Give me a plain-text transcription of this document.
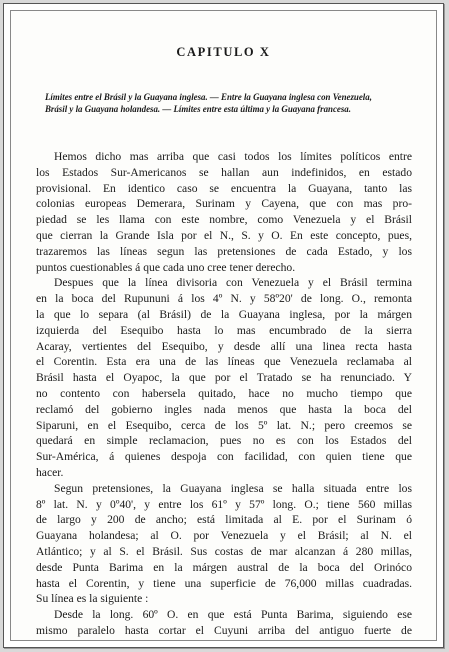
CAPITULO X
Límites entre el Brásil y la Guayana inglesa. — Entre la Guayana inglesa con Venezuela,
Brásil y la Guayana holandesa. — Límites entre esta última y la Guayana francesa.
Hemos dicho mas arriba que casi todos los límites políticos entre
los Estados Sur-Americanos se hallan aun indefinidos, en estado
provisional. En identico caso se encuentra la Guayana, tanto las
colonias europeas Demerara, Surinam y Cayena, que con mas pro-
piedad se les llama con este nombre, como Venezuela y el Brásil
que cierran la Grande Isla por el N., S. y O. En este concepto, pues,
trazaremos las líneas segun las pretensiones de cada Estado, y los
puntos cuestionables á que cada uno cree tener derecho.
Despues que la línea divisoria con Venezuela y el Brásil termina
en la boca del Rupununi á los 4º N. y 58º20' de long. O., remonta
la que lo separa (al Brásil) de la Guayana inglesa, por la márgen
izquierda del Esequibo hasta lo mas encumbrado de la sierra
Acaray, vertientes del Esequibo, y desde allí una linea recta hasta
el Corentin. Esta era una de las líneas que Venezuela reclamaba al
Brásil hasta el Oyapoc, la que por el Tratado se ha renunciado. Y
no contento con habersela quitado, hace no mucho tiempo que
reclamó del gobierno ingles nada menos que hasta la boca del
Siparuni, en el Esequibo, cerca de los 5º lat. N.; pero creemos se
quedará en simple reclamacion, pues no es con los Estados del
Sur-América, á quienes despoja con facilidad, con quien tiene que
hacer.
Segun pretensiones, la Guayana inglesa se halla situada entre los
8º lat. N. y 0º40', y entre los 61º y 57º long. O.; tiene 560 millas
de largo y 200 de ancho; está limitada al E. por el Surinam ó
Guayana holandesa; al O. por Venezuela y el Brásil; al N. el
Atlántico; y al S. el Brásil. Sus costas de mar alcanzan á 280 millas,
desde Punta Barima en la márgen austral de la boca del Orinóco
hasta el Corentin, y tiene una superficie de 76,000 millas cuadradas.
Su línea es la siguiente :
Desde la long. 60º O. en que está Punta Barima, siguiendo ese
mismo paralelo hasta cortar el Cuyuni arriba del antiguo fuerte de
